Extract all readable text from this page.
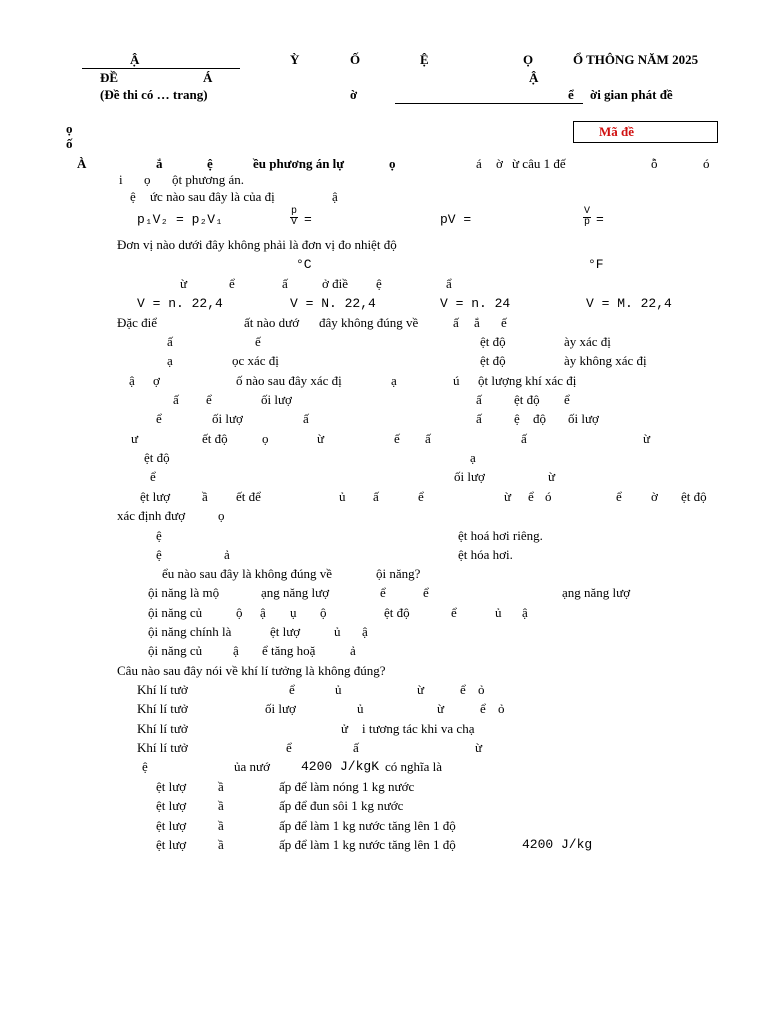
Ậ	Ỳ	Ố	Ệ	Ọ	Ổ THÔNG NĂM 2025
ĐỀ	Á	Ậ
(Đề thi có … trang)	ờ	ể ời gian phát đề
ọ
ố
Mã đề
À	ắ	ệ	ều phương án lự	ọ	á ờ ừ câu 1 đế	ỗ	ó
i ọ ột phương án.
ệ ức nào sau đây là của đị	ậ
p₁V₂ = p₂V₁	$\frac{p}{V}$ =	pV =	$\frac{V}{p}$ =
Đơn vị nào dưới đây không phải là đơn vị đo nhiệt độ
°C	°F
ừ	ể	ấ	ở điề ệ	ẩ
V = n. 22,4	V = N. 22,4	V = n. 24	V = M. 22,4
Đặc điể	ất nào dướ đây không đúng về	ấ ắ ế
ấ	ế	ệt độ	ày xác đị
ạ	ọc xác đị	ệt độ	ày không xác đị
ậ ợ	ố nào sau đây xác đị	ạ	ú ột lượng khí xác đị
ấ ể	ối lượ	ấ ệt độ ể
ể	ối lượ	ấ	ấ ệ độ ối lượ
ư	ết độ	ọ	ừ	ế ấ	ấ	ừ
ệt độ	ạ
ể	ối lượ	ừ
ệt lượ ầ ết để	ủ ấ	ể	ừ ể ó	ể ờ ệt độ
xác định đượ	ọ
ệ	ệt hoá hơi riêng.
ệ	ả	ệt hóa hơi.
ểu nào sau đây là không đúng về	ội năng?
ội năng là mộ	ạng năng lượ	ể	ể	ạng năng lượ
ội năng củ	ộ ậ ụ ộ	ệt độ	ể	ủ ậ
ội năng chính là	ệt lượ	ủ ậ
ội năng củ ậ ể tăng hoặ	ả
Câu nào sau đây nói về khí lí tưởng là không đúng?
Khí lí tưở	ể	ủ	ừ	ể ỏ
Khí lí tưở	ối lượ	ủ	ừ	ể ỏ
Khí lí tưở	ử i tương tác khi va chạ
Khí lí tưở	ể	ấ	ừ
ệ	ủa nướ 4200 J/kgK có nghĩa là
ệt lượ ầ	ấp để làm nóng 1 kg nước
ệt lượ ầ	ấp để đun sôi 1 kg nước
ệt lượ ầ	ấp để làm 1 kg nước tăng lên 1 độ
ệt lượ ầ	ấp để làm 1 kg nước tăng lên 1 độ	4200 J/kg
